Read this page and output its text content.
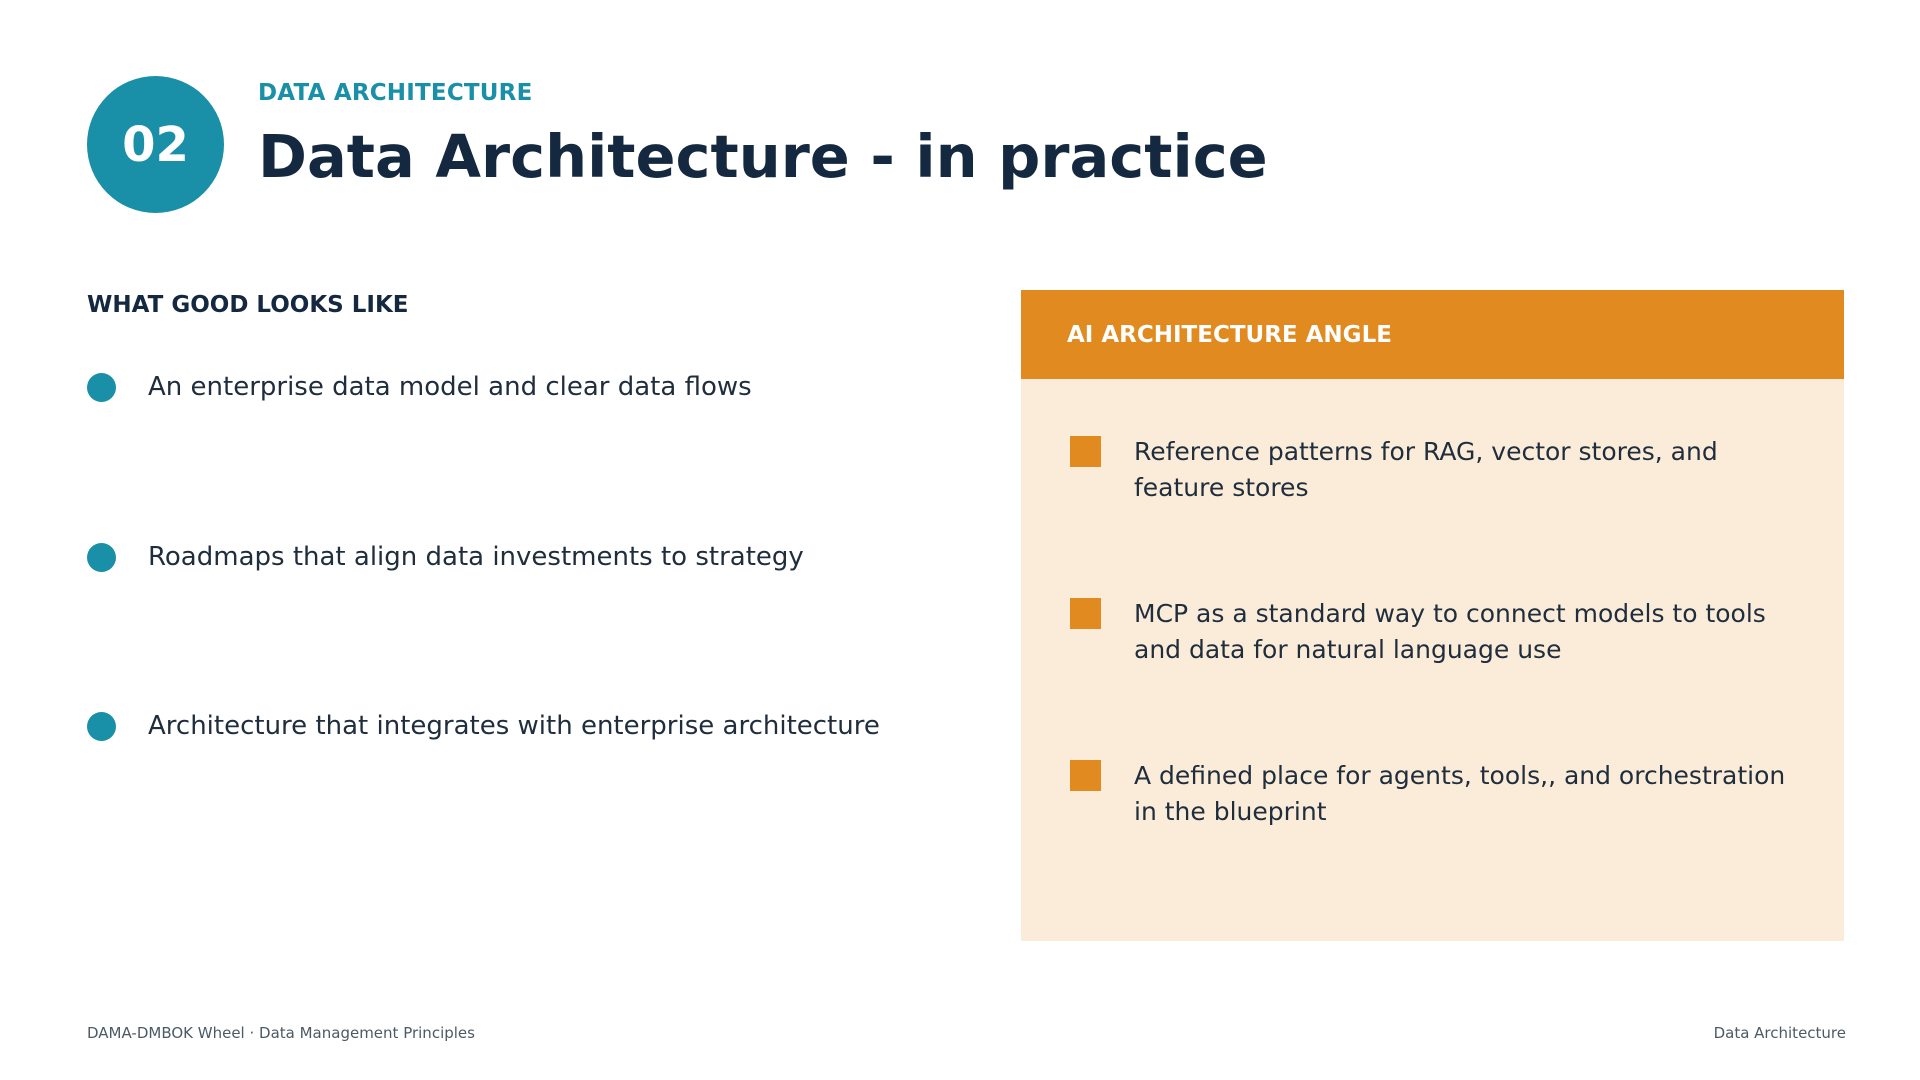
02
DATA ARCHITECTURE
Data Architecture - in practice
WHAT GOOD LOOKS LIKE
An enterprise data model and clear data flows
Roadmaps that align data investments to strategy
Architecture that integrates with enterprise architecture
AI ARCHITECTURE ANGLE
Reference patterns for RAG, vector stores, and feature stores
MCP as a standard way to connect models to tools and data for natural language use
A defined place for agents, tools,, and orchestration in the blueprint
DAMA-DMBOK Wheel · Data Management Principles	Data Architecture
